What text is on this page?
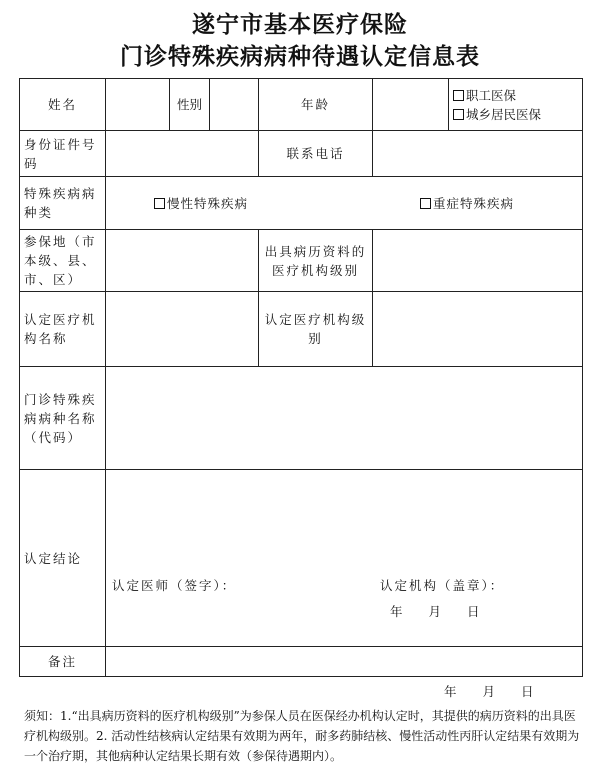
遂宁市基本医疗保险
门诊特殊疾病病种待遇认定信息表
姓名		性别		年龄		职工医保
城乡居民医保

身份证件号码				联系电话		
特殊疾病病种类	慢性特殊疾病 重症特殊疾病					
参保地（市本级、县、市、区）				出具病历资料的医疗机构级别		
认定医疗机构名称				认定医疗机构级别		
门诊特殊疾病病种名称（代码）						
认定结论	认定医师（签字）： 认定机构（盖章）：
年 月 日					

备注						
年 月 日
须知：1.“出具病历资料的医疗机构级别”为参保人员在医保经办机构认定时，其提供的病历资料的出具医疗机构级别。2. 活动性结核病认定结果有效期为两年，耐多药肺结核、慢性活动性丙肝认定结果有效期为一个治疗期，其他病种认定结果长期有效（参保待遇期内）。
